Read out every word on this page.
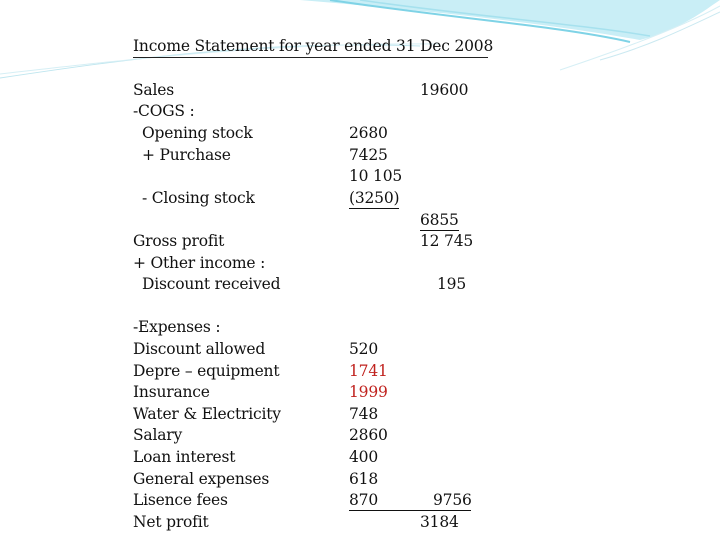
Income Statement for year ended 31 Dec 2008
Sales
-COGS :
Opening stock
+ Purchase
- Closing stock
Gross profit
+ Other income :
Discount received
-Expenses :
Discount allowed
Depre – equipment
Insurance
Water & Electricity
Salary
Loan interest
General expenses
Lisence fees
Net profit
2680
7425
10 105
(3250)
520
1741
1999
748
2860
400
618
870
19600
6855
12 745
195
9756
3184
